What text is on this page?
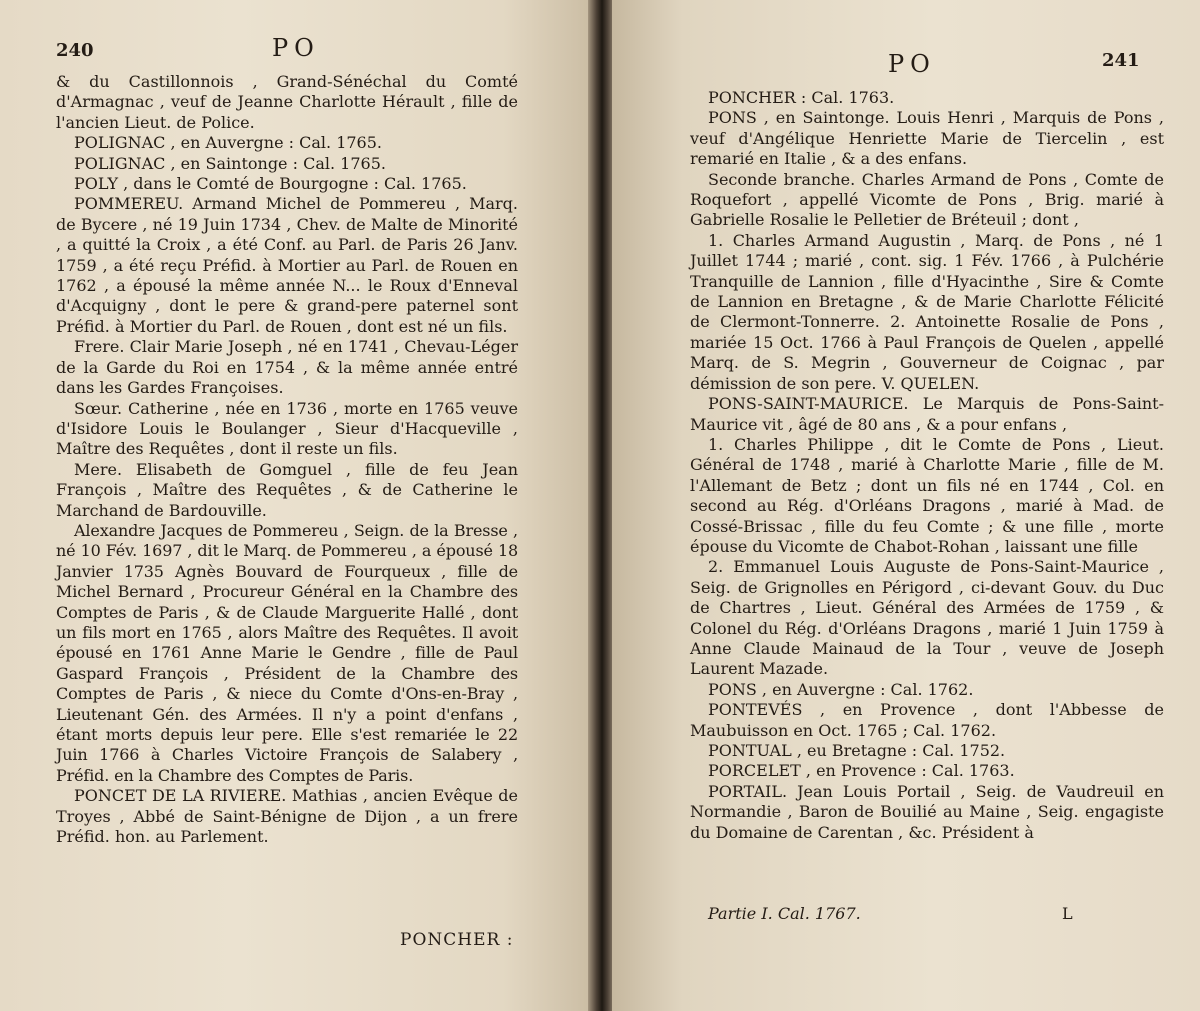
240	PO

& du Castillonnois , Grand-Sénéchal du Comté d'Armagnac , veuf de Jeanne Charlotte Hérault , fille de l'ancien Lieut. de Police.

POLIGNAC , en Auvergne : Cal. 1765.

POLIGNAC , en Saintonge : Cal. 1765.

POLY , dans le Comté de Bourgogne : Cal. 1765.

POMMEREU. Armand Michel de Pommereu , Marq. de Bycere , né 19 Juin 1734 , Chev. de Malte de Minorité , a quitté la Croix , a été Conf. au Parl. de Paris 26 Janv. 1759 , a été reçu Préfid. à Mortier au Parl. de Rouen en 1762 , a épousé la même année N... le Roux d'Enneval d'Acquigny , dont le pere & grand-pere paternel sont Préfid. à Mortier du Parl. de Rouen , dont est né un fils.

Frere. Clair Marie Joseph , né en 1741 , Chevau-Léger de la Garde du Roi en 1754 , & la même année entré dans les Gardes Françoises.

Sœur. Catherine , née en 1736 , morte en 1765 veuve d'Isidore Louis le Boulanger , Sieur d'Hacqueville , Maître des Requêtes , dont il reste un fils.

Mere. Elisabeth de Gomguel , fille de feu Jean François , Maître des Requêtes , & de Catherine le Marchand de Bardouville.

Alexandre Jacques de Pommereu , Seign. de la Bresse , né 10 Fév. 1697 , dit le Marq. de Pommereu , a épousé 18 Janvier 1735 Agnès Bouvard de Fourqueux , fille de Michel Bernard , Procureur Général en la Chambre des Comptes de Paris , & de Claude Marguerite Hallé , dont un fils mort en 1765 , alors Maître des Requêtes. Il avoit épousé en 1761 Anne Marie le Gendre , fille de Paul Gaspard François , Président de la Chambre des Comptes de Paris , & niece du Comte d'Ons-en-Bray , Lieutenant Gén. des Armées. Il n'y a point d'enfans , étant morts depuis leur pere. Elle s'est remariée le 22 Juin 1766 à Charles Victoire François de Salabery , Préfid. en la Chambre des Comptes de Paris.

PONCET DE LA RIVIERE. Mathias , ancien Evêque de Troyes , Abbé de Saint-Bénigne de Dijon , a un frere Préfid. hon. au Parlement.

PONCHER :
PO	241

PONCHER : Cal. 1763.

PONS , en Saintonge. Louis Henri , Marquis de Pons , veuf d'Angélique Henriette Marie de Tiercelin , est remarié en Italie , & a des enfans.

Seconde branche. Charles Armand de Pons , Comte de Roquefort , appellé Vicomte de Pons , Brig. marié à Gabrielle Rosalie le Pelletier de Bréteuil ; dont ,

1. Charles Armand Augustin , Marq. de Pons , né 1 Juillet 1744 ; marié , cont. sig. 1 Fév. 1766 , à Pulchérie Tranquille de Lannion , fille d'Hyacinthe , Sire & Comte de Lannion en Bretagne , & de Marie Charlotte Félicité de Clermont-Tonnerre. 2. Antoinette Rosalie de Pons , mariée 15 Oct. 1766 à Paul François de Quelen , appellé Marq. de S. Megrin , Gouverneur de Coignac , par démission de son pere. V. QUELEN.

PONS-SAINT-MAURICE. Le Marquis de Pons-Saint-Maurice vit , âgé de 80 ans , & a pour enfans ,

1. Charles Philippe , dit le Comte de Pons , Lieut. Général de 1748 , marié à Charlotte Marie , fille de M. l'Allemant de Betz ; dont un fils né en 1744 , Col. en second au Rég. d'Orléans Dragons , marié à Mad. de Cossé-Brissac , fille du feu Comte ; & une fille , morte épouse du Vicomte de Chabot-Rohan , laissant une fille

2. Emmanuel Louis Auguste de Pons-Saint-Maurice , Seig. de Grignolles en Périgord , ci-devant Gouv. du Duc de Chartres , Lieut. Général des Armées de 1759 , & Colonel du Rég. d'Orléans Dragons , marié 1 Juin 1759 à Anne Claude Mainaud de la Tour , veuve de Joseph Laurent Mazade.

PONS , en Auvergne : Cal. 1762.

PONTEVÉS , en Provence , dont l'Abbesse de Maubuisson en Oct. 1765 ; Cal. 1762.

PONTUAL , eu Bretagne : Cal. 1752.

PORCELET , en Provence : Cal. 1763.

PORTAIL. Jean Louis Portail , Seig. de Vaudreuil en Normandie , Baron de Bouilié au Maine , Seig. engagiste du Domaine de Carentan , &c. Président à

Partie I. Cal. 1767.	L
